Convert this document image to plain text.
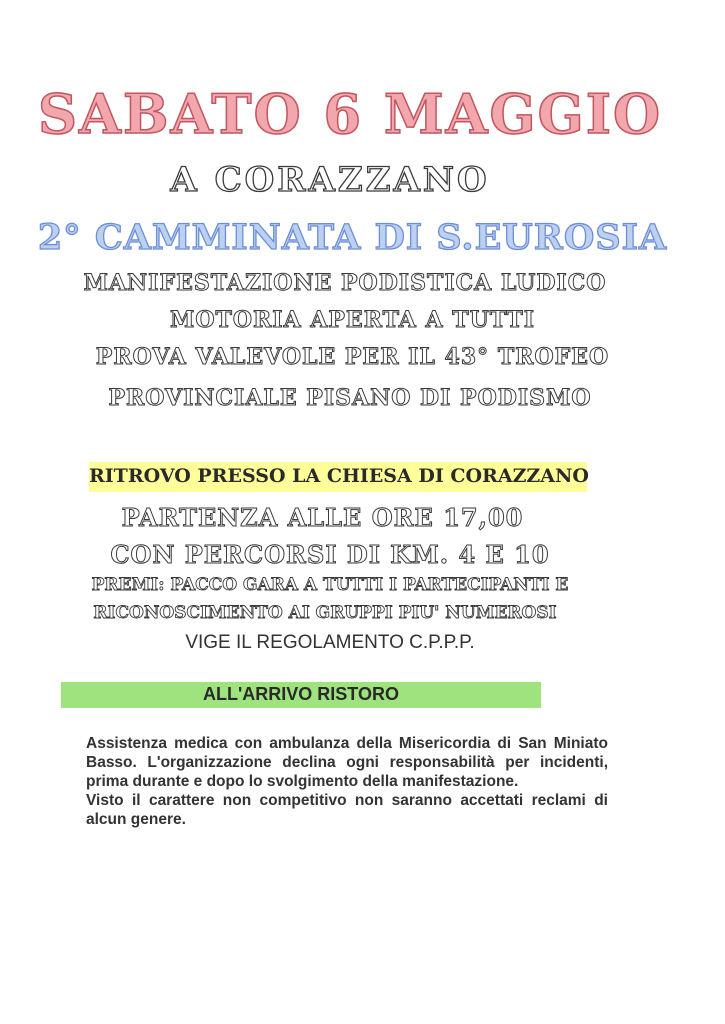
SABATO 6 MAGGIO
A CORAZZANO
2° CAMMINATA DI S.EUROSIA
MANIFESTAZIONE PODISTICA LUDICO
MOTORIA APERTA A TUTTI
PROVA VALEVOLE PER IL 43° TROFEO
PROVINCIALE PISANO DI PODISMO
RITROVO PRESSO LA CHIESA DI CORAZZANO
PARTENZA ALLE ORE 17,00
CON PERCORSI DI KM. 4 E 10
PREMI: PACCO GARA A TUTTI I PARTECIPANTI E
RICONOSCIMENTO AI GRUPPI PIU' NUMEROSI
VIGE IL REGOLAMENTO C.P.P.P.
ALL'ARRIVO RISTORO

Assistenza medica con ambulanza della Misericordia di San Miniato Basso. L'organizzazione declina ogni responsabilità per incidenti, prima durante e dopo lo svolgimento della manifestazione.

Visto il carattere non competitivo non saranno accettati reclami di alcun genere.
